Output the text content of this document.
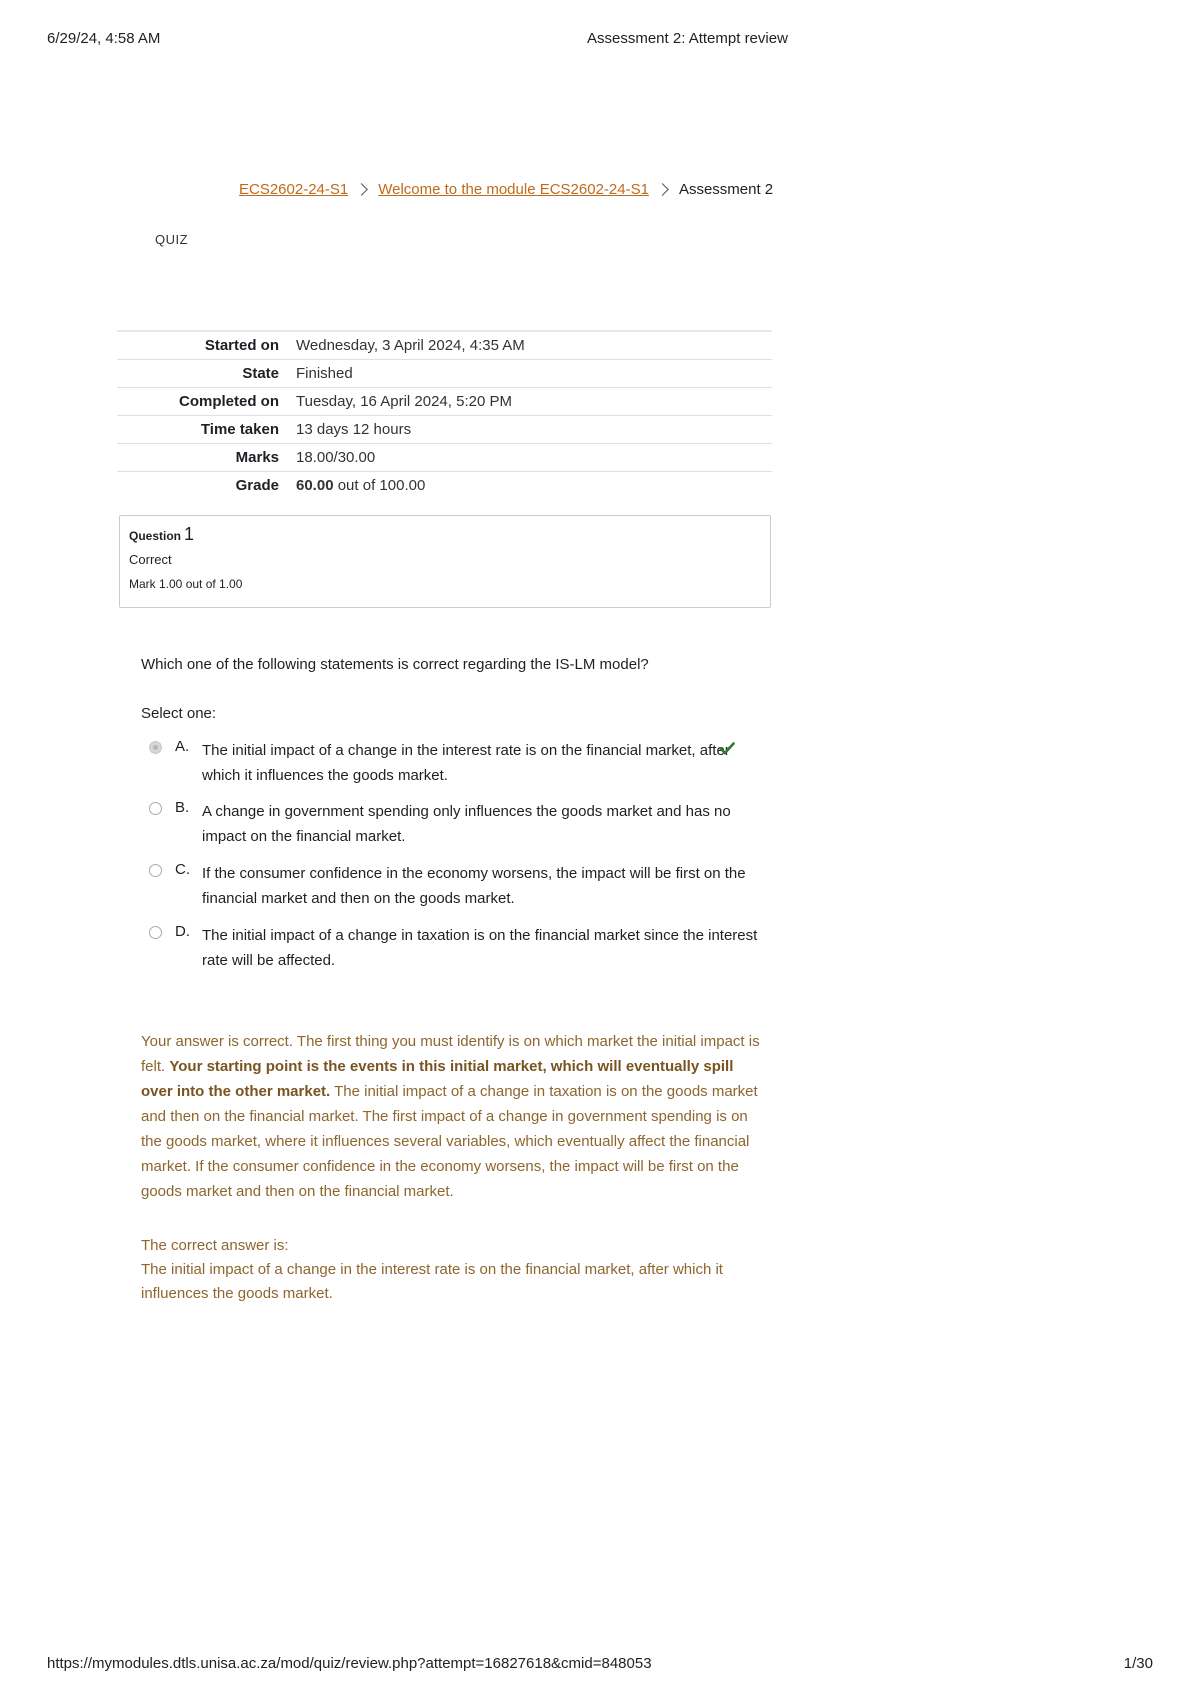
6/29/24, 4:58 AM	Assessment 2: Attempt review
ECS2602-24-S1 Welcome to the module ECS2602-24-S1 Assessment 2
QUIZ
Started on	Wednesday, 3 April 2024, 4:35 AM
State	Finished
Completed on	Tuesday, 16 April 2024, 5:20 PM
Time taken	13 days 12 hours
Marks	18.00/30.00
Grade	60.00 out of 100.00
Question 1
Correct
Mark 1.00 out of 1.00
Which one of the following statements is correct regarding the IS-LM model?
Select one:
A. The initial impact of a change in the interest rate is on the financial market, after which it influences the goods market.
B. A change in government spending only influences the goods market and has no impact on the financial market.
C. If the consumer confidence in the economy worsens, the impact will be first on the financial market and then on the goods market.
D. The initial impact of a change in taxation is on the financial market since the interest rate will be affected.
Your answer is correct. The first thing you must identify is on which market the initial impact is felt. Your starting point is the events in this initial market, which will eventually spill over into the other market. The initial impact of a change in taxation is on the goods market and then on the financial market. The first impact of a change in government spending is on the goods market, where it influences several variables, which eventually affect the financial market. If the consumer confidence in the economy worsens, the impact will be first on the goods market and then on the financial market.
The correct answer is:
The initial impact of a change in the interest rate is on the financial market, after which it influences the goods market.
https://mymodules.dtls.unisa.ac.za/mod/quiz/review.php?attempt=16827618&cmid=848053	1/30
